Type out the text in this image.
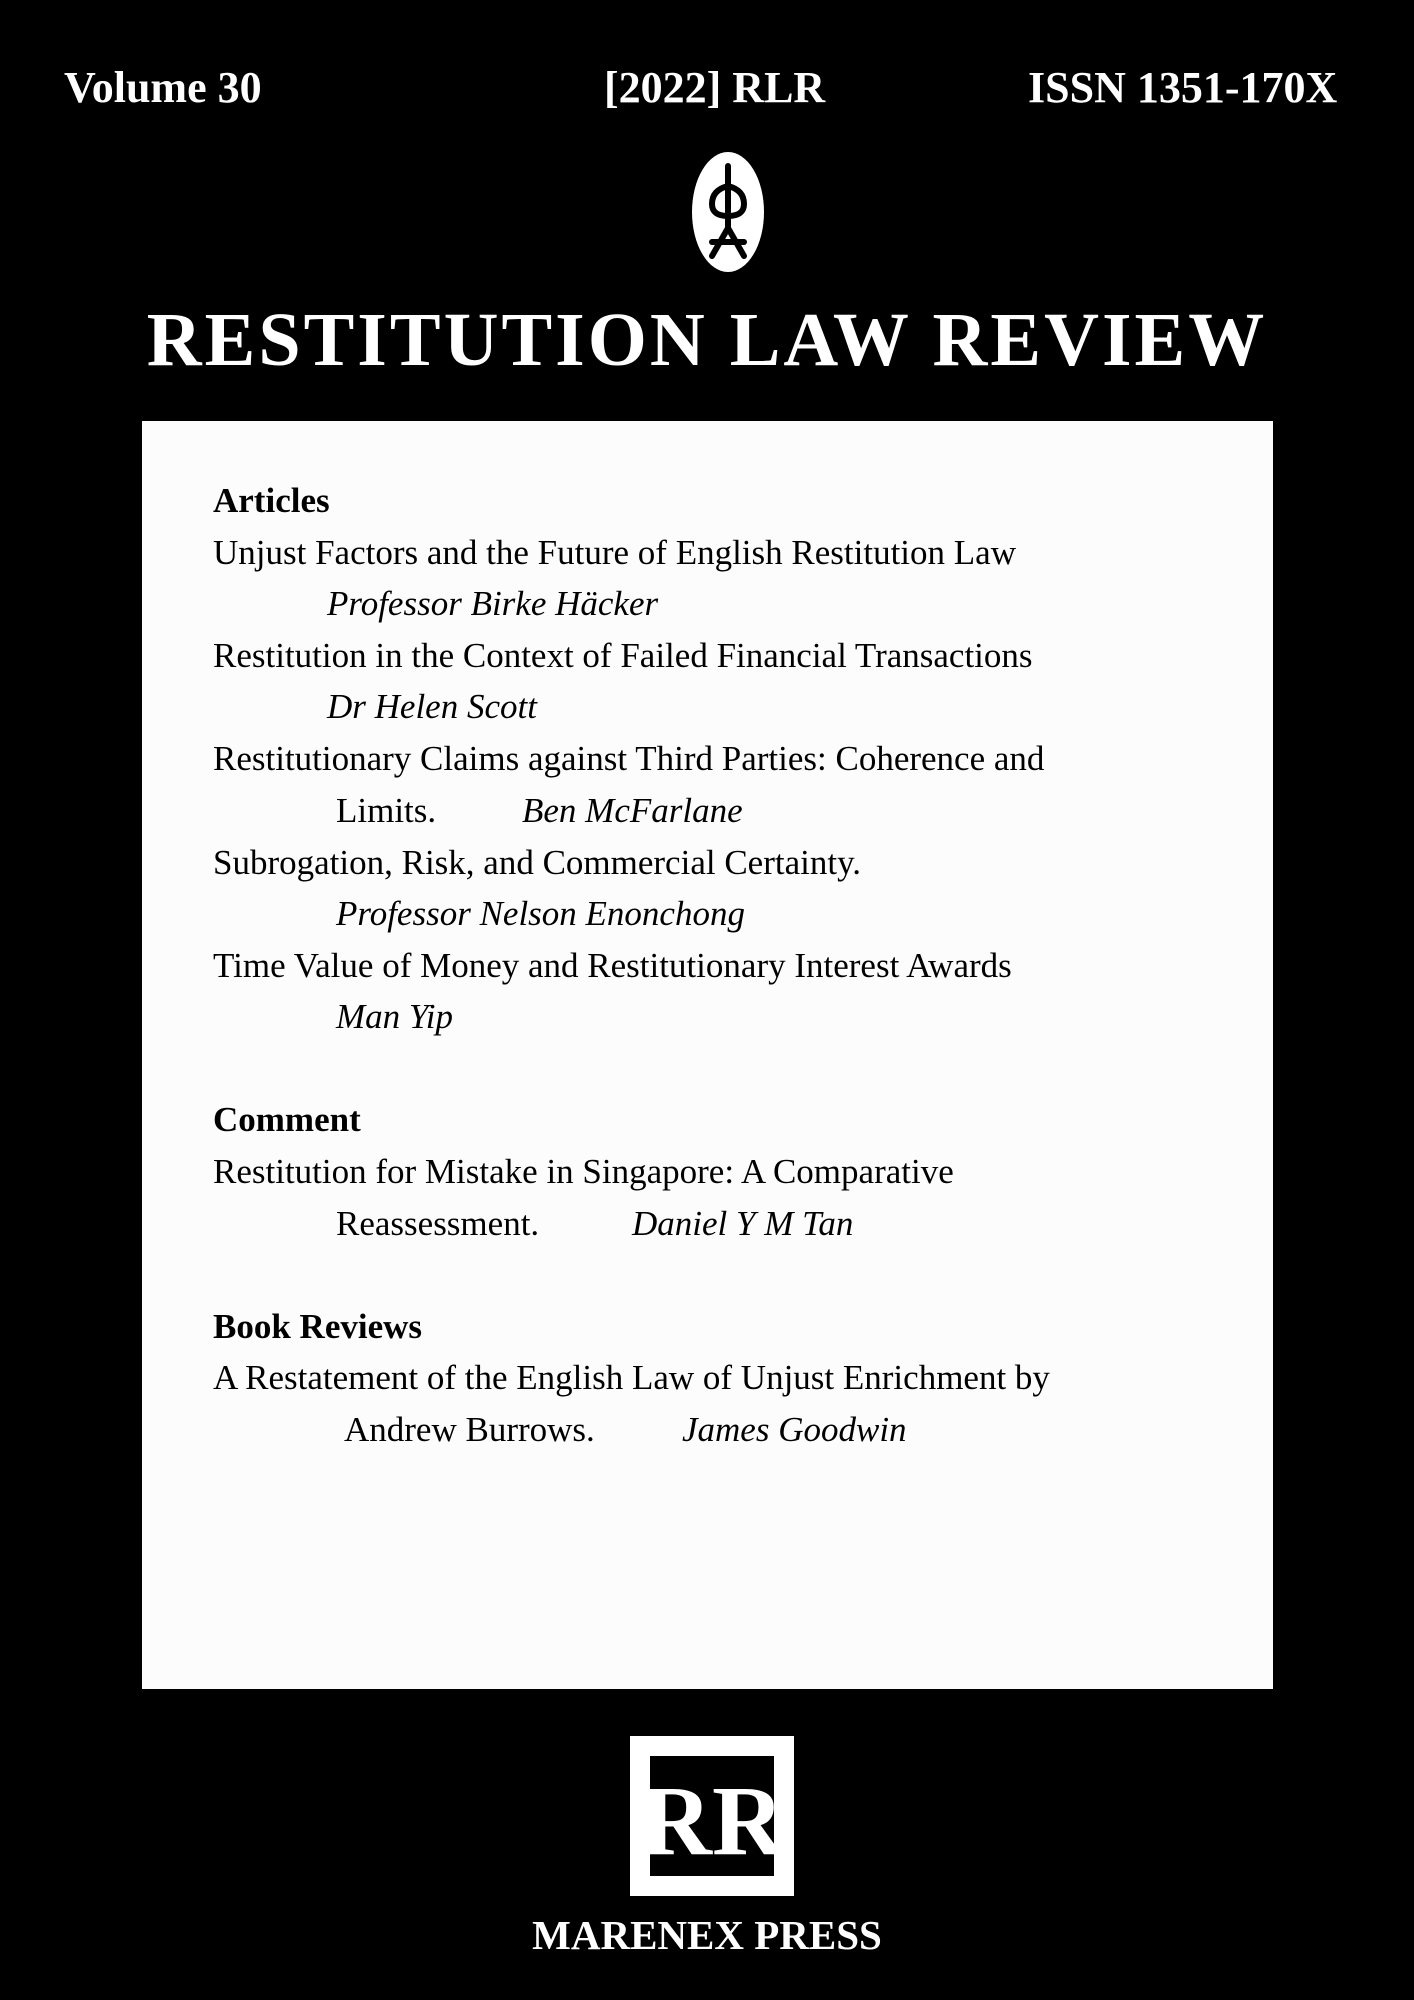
Volume 30	[2022] RLR	ISSN 1351-170X
RESTITUTION LAW REVIEW
Articles
Unjust Factors and the Future of English Restitution Law
Professor Birke Häcker
Restitution in the Context of Failed Financial Transactions
Dr Helen Scott
Restitutionary Claims against Third Parties: Coherence and
Limits. Ben McFarlane
Subrogation, Risk, and Commercial Certainty.
Professor Nelson Enonchong
Time Value of Money and Restitutionary Interest Awards
Man Yip
Comment
Restitution for Mistake in Singapore: A Comparative
Reassessment.	Daniel Y M Tan
Book Reviews
A Restatement of the English Law of Unjust Enrichment by
Andrew Burrows. James Goodwin
RR
MARENEX PRESS
